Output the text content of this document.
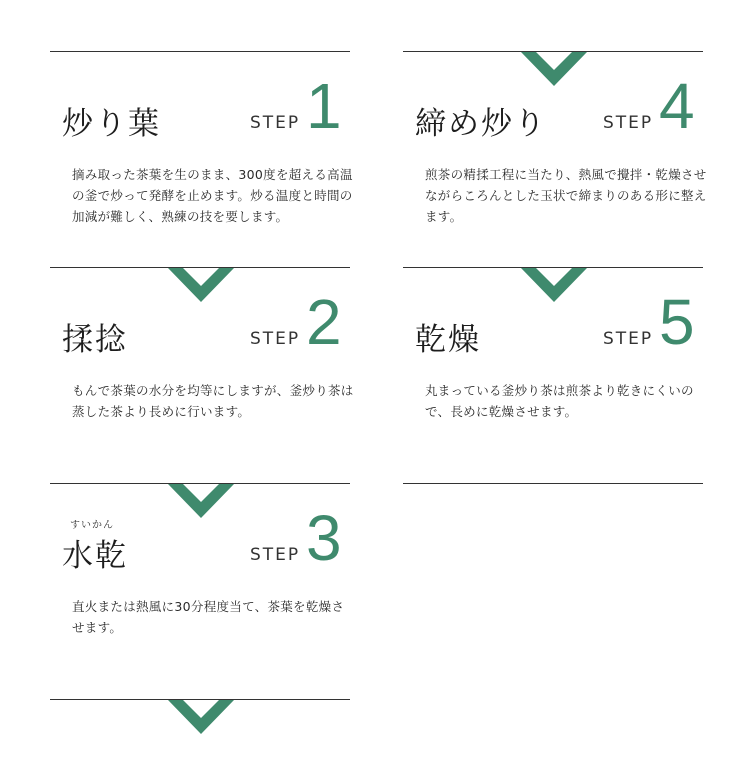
炒り葉	STEP 1

摘み取った茶葉を生のまま、300度を超える高温の釜で炒って発酵を止めます。炒る温度と時間の加減が難しく、熟練の技を要します。

揉捻	STEP 2

もんで茶葉の水分を均等にしますが、釜炒り茶は蒸した茶より長めに行います。

すいかん
水乾	STEP 3

直火または熱風に30分程度当て、茶葉を乾燥させます。

締め炒り	STEP 4

煎茶の精揉工程に当たり、熱風で攪拌・乾燥させながらころんとした玉状で締まりのある形に整えます。

乾燥	STEP 5

丸まっている釜炒り茶は煎茶より乾きにくいので、長めに乾燥させます。
